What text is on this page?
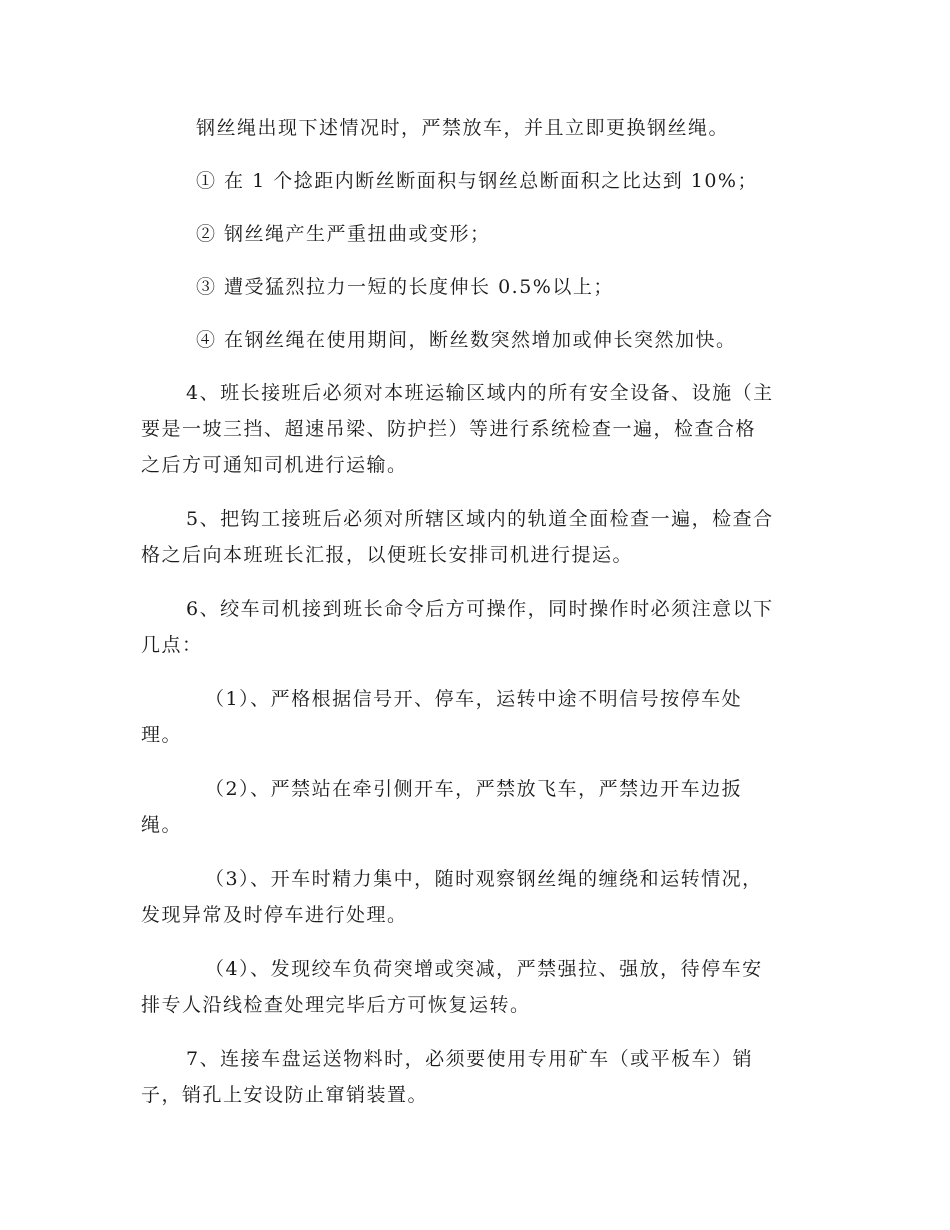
钢丝绳出现下述情况时，严禁放车，并且立即更换钢丝绳。
① 在 1 个捻距内断丝断面积与钢丝总断面积之比达到 10%；
② 钢丝绳产生严重扭曲或变形；
③ 遭受猛烈拉力一短的长度伸长 0.5%以上；
④ 在钢丝绳在使用期间，断丝数突然增加或伸长突然加快。
4、班长接班后必须对本班运输区域内的所有安全设备、设施（主
要是一坡三挡、超速吊梁、防护拦）等进行系统检查一遍，检查合格
之后方可通知司机进行运输。
5、把钩工接班后必须对所辖区域内的轨道全面检查一遍，检查合
格之后向本班班长汇报，以便班长安排司机进行提运。
6、绞车司机接到班长命令后方可操作，同时操作时必须注意以下
几点：
（1）、严格根据信号开、停车，运转中途不明信号按停车处
理。
（2）、严禁站在牵引侧开车，严禁放飞车，严禁边开车边扳
绳。
（3）、开车时精力集中，随时观察钢丝绳的缠绕和运转情况，
发现异常及时停车进行处理。
（4）、发现绞车负荷突增或突减，严禁强拉、强放，待停车安
排专人沿线检查处理完毕后方可恢复运转。
7、连接车盘运送物料时，必须要使用专用矿车（或平板车）销
子，销孔上安设防止窜销装置。
